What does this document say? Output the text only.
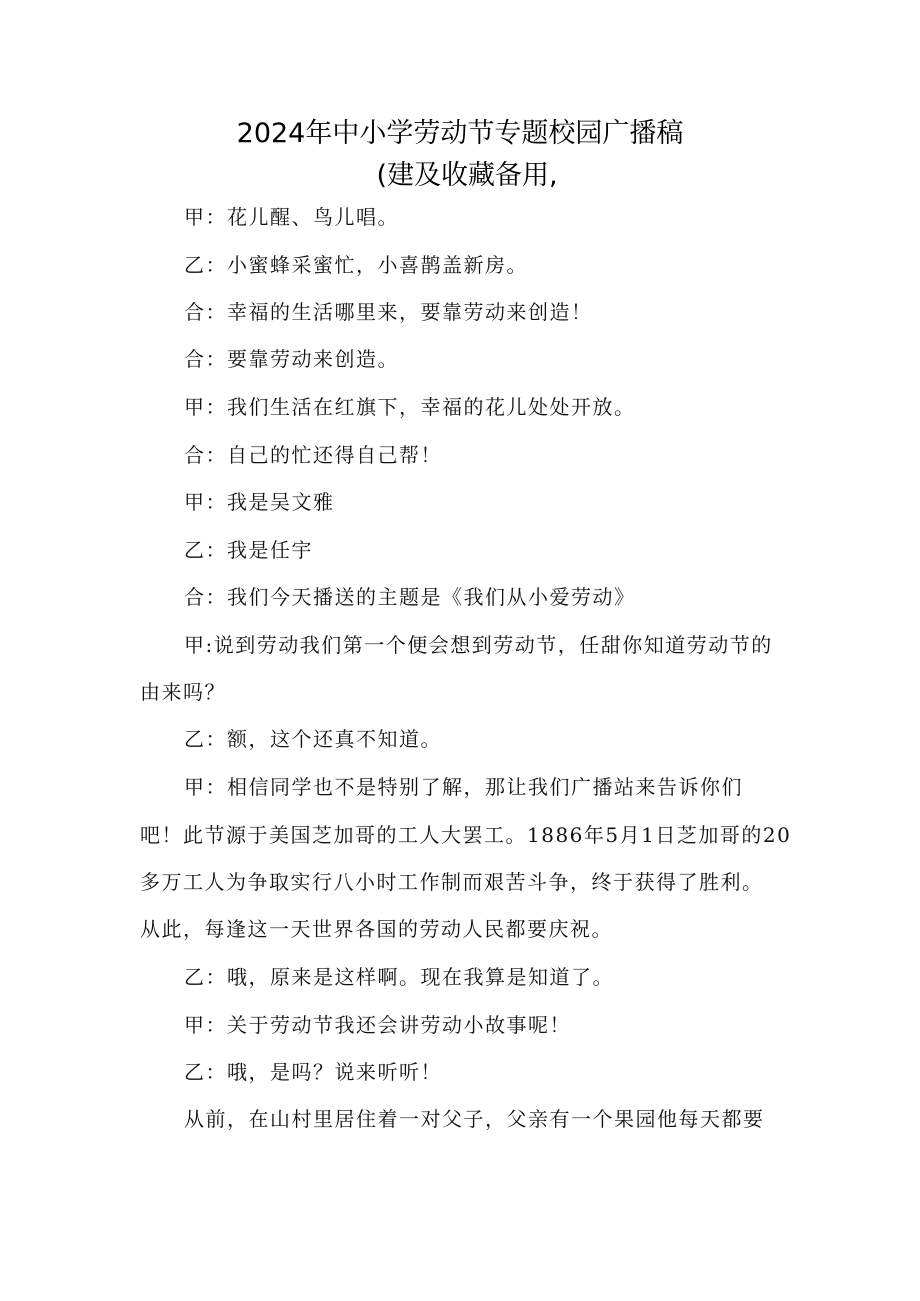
2024年中小学劳动节专题校园广播稿
(建及收藏备用,
甲：花儿醒、鸟儿唱。
乙：小蜜蜂采蜜忙，小喜鹊盖新房。
合：幸福的生活哪里来，要靠劳动来创造！
合：要靠劳动来创造。
甲：我们生活在红旗下，幸福的花儿处处开放。
合：自己的忙还得自己帮！
甲：我是吴文雅
乙：我是任宇
合：我们今天播送的主题是《我们从小爱劳动》
甲:说到劳动我们第一个便会想到劳动节，任甜你知道劳动节的
由来吗？
乙：额，这个还真不知道。
甲：相信同学也不是特别了解，那让我们广播站来告诉你们
吧！此节源于美国芝加哥的工人大罢工。1886年5月1日芝加哥的20
多万工人为争取实行八小时工作制而艰苦斗争，终于获得了胜利。
从此，每逢这一天世界各国的劳动人民都要庆祝。
乙：哦，原来是这样啊。现在我算是知道了。
甲：关于劳动节我还会讲劳动小故事呢！
乙：哦，是吗？说来听听！
从前，在山村里居住着一对父子，父亲有一个果园他每天都要
